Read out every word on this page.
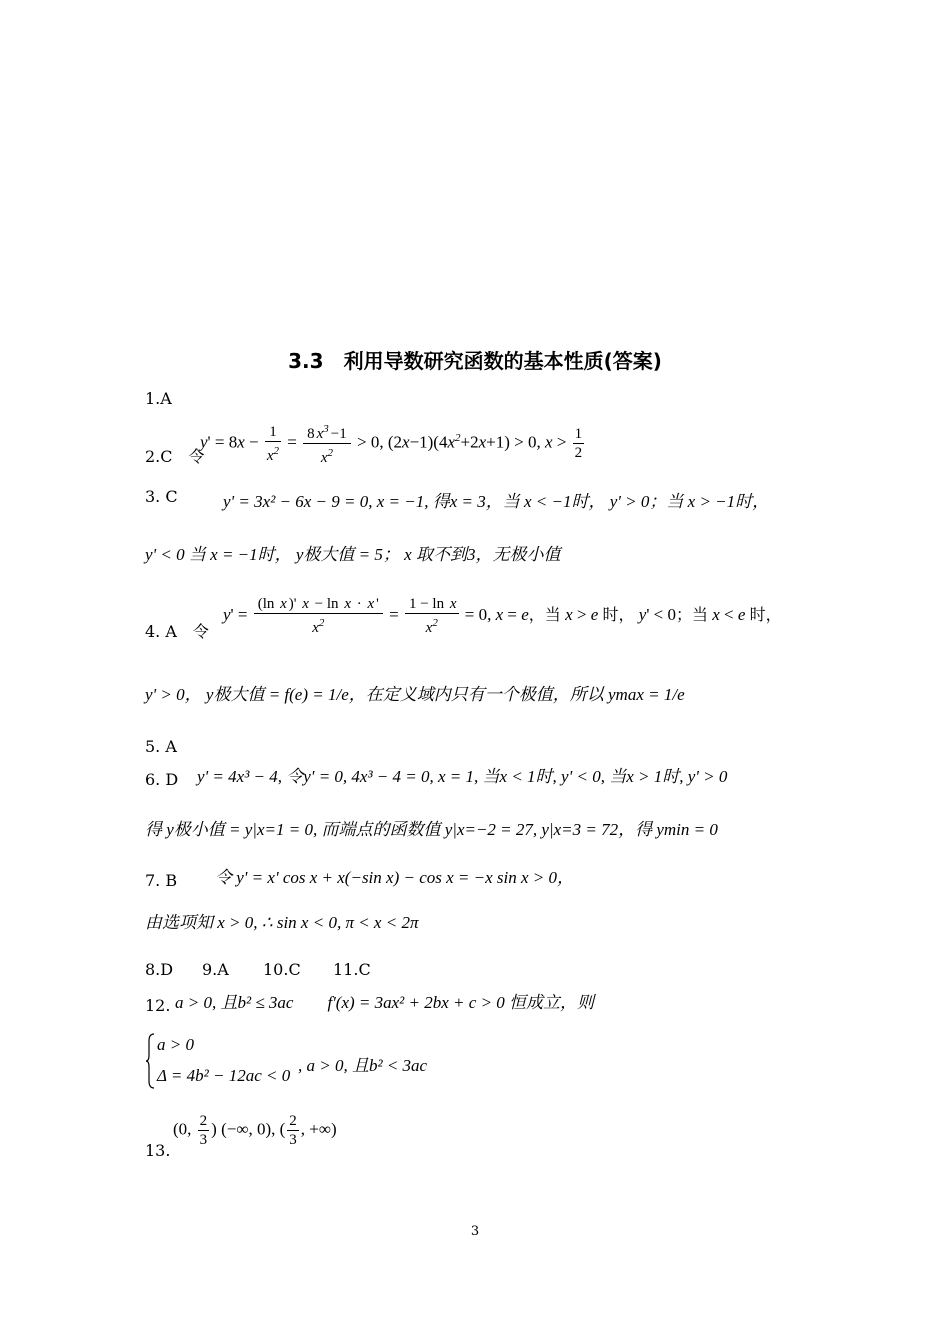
3.3　利用导数研究函数的基本性质(答案)
1.A
2.C　令
$y' = 8x - \frac{1}{x^2} = \frac{8 x^3 -1}{x^2} > 0$, $(2x-1)(4x^2+2x+1) > 0$, $x > \frac{1}{2}$
3. C	y' = 3x² − 6x − 9 = 0, x = −1, 得x = 3，当 x < −1时， y' > 0；当 x > −1时，
y' < 0 当 x = −1时， y极大值 = 5； x 取不到3，无极小值
4. A　令
$y' = \frac{\text{(ln x )' x − ln x · x '}}{x^2} = \frac{\text{1 − ln x}}{x^2} = 0$, x = e，当 x > e 时， y' < 0；当 x < e 时，
y' > 0， y极大值 = f(e) = 1/e，在定义域内只有一个极值，所以 ymax = 1/e
5. A
6. D y' = 4x³ − 4, 令y' = 0, 4x³ − 4 = 0, x = 1, 当x < 1时, y' < 0, 当x > 1时, y' > 0
得 y极小值 = y|x=1 = 0, 而端点的函数值 y|x=−2 = 27, y|x=3 = 72，得 ymin = 0
7. B 令 y' = x' cos x + x(−sin x) − cos x = −x sin x > 0，
由选项知 x > 0, ∴ sin x < 0, π < x < 2π
8.D 9.A 10.C 11.C
12. a > 0, 且b² ≤ 3ac　　f'(x) = 3ax² + 2bx + c > 0 恒成立，则
a > 0
Δ = 4b² − 12ac < 0
, a > 0, 且b² < 3ac
13.
(0, $\frac{2}{3}$ ) (−∞, 0), ( $\frac{2}{3}$ , +∞)
3
